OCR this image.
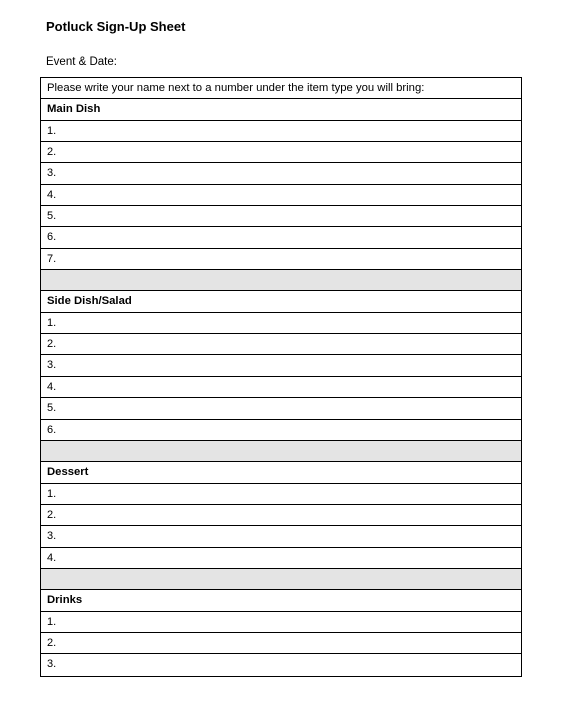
Potluck Sign-Up Sheet
Event & Date:
Please write your name next to a number under the item type you will bring:
Main Dish
1.
2.
3.
4.
5.
6.
7.
Side Dish/Salad
1.
2.
3.
4.
5.
6.
Dessert
1.
2.
3.
4.
Drinks
1.
2.
3.
